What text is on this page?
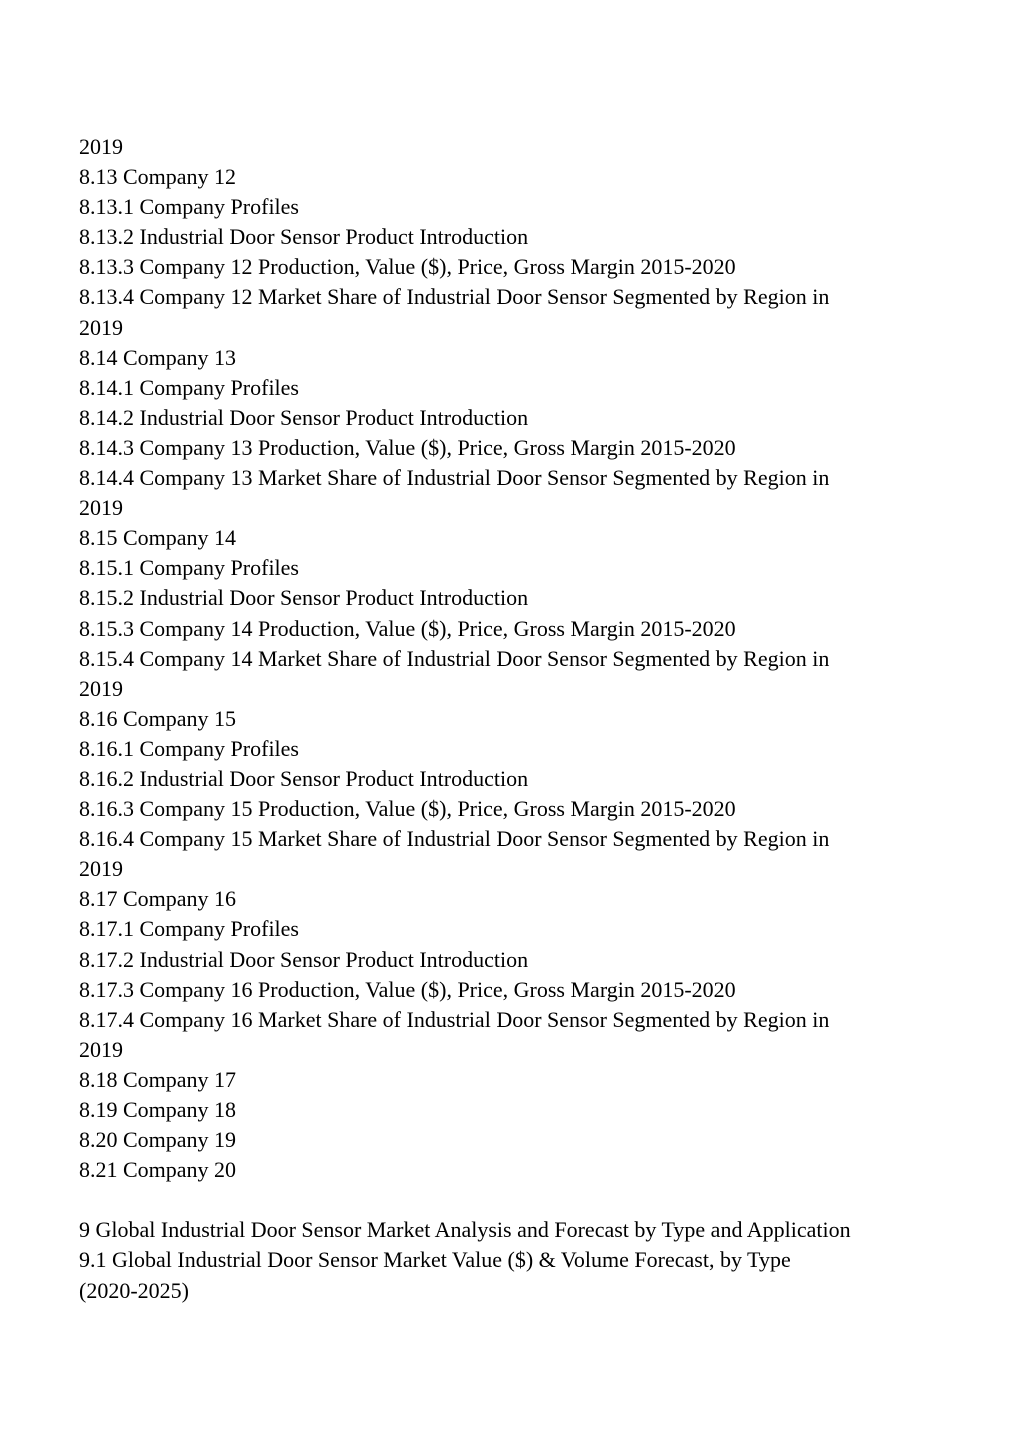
2019
8.13 Company 12
8.13.1 Company Profiles
8.13.2 Industrial Door Sensor Product Introduction
8.13.3 Company 12 Production, Value ($), Price, Gross Margin 2015-2020
8.13.4 Company 12 Market Share of Industrial Door Sensor Segmented by Region in
2019
8.14 Company 13
8.14.1 Company Profiles
8.14.2 Industrial Door Sensor Product Introduction
8.14.3 Company 13 Production, Value ($), Price, Gross Margin 2015-2020
8.14.4 Company 13 Market Share of Industrial Door Sensor Segmented by Region in
2019
8.15 Company 14
8.15.1 Company Profiles
8.15.2 Industrial Door Sensor Product Introduction
8.15.3 Company 14 Production, Value ($), Price, Gross Margin 2015-2020
8.15.4 Company 14 Market Share of Industrial Door Sensor Segmented by Region in
2019
8.16 Company 15
8.16.1 Company Profiles
8.16.2 Industrial Door Sensor Product Introduction
8.16.3 Company 15 Production, Value ($), Price, Gross Margin 2015-2020
8.16.4 Company 15 Market Share of Industrial Door Sensor Segmented by Region in
2019
8.17 Company 16
8.17.1 Company Profiles
8.17.2 Industrial Door Sensor Product Introduction
8.17.3 Company 16 Production, Value ($), Price, Gross Margin 2015-2020
8.17.4 Company 16 Market Share of Industrial Door Sensor Segmented by Region in
2019
8.18 Company 17
8.19 Company 18
8.20 Company 19
8.21 Company 20
9 Global Industrial Door Sensor Market Analysis and Forecast by Type and Application
9.1 Global Industrial Door Sensor Market Value ($) & Volume Forecast, by Type
(2020-2025)
